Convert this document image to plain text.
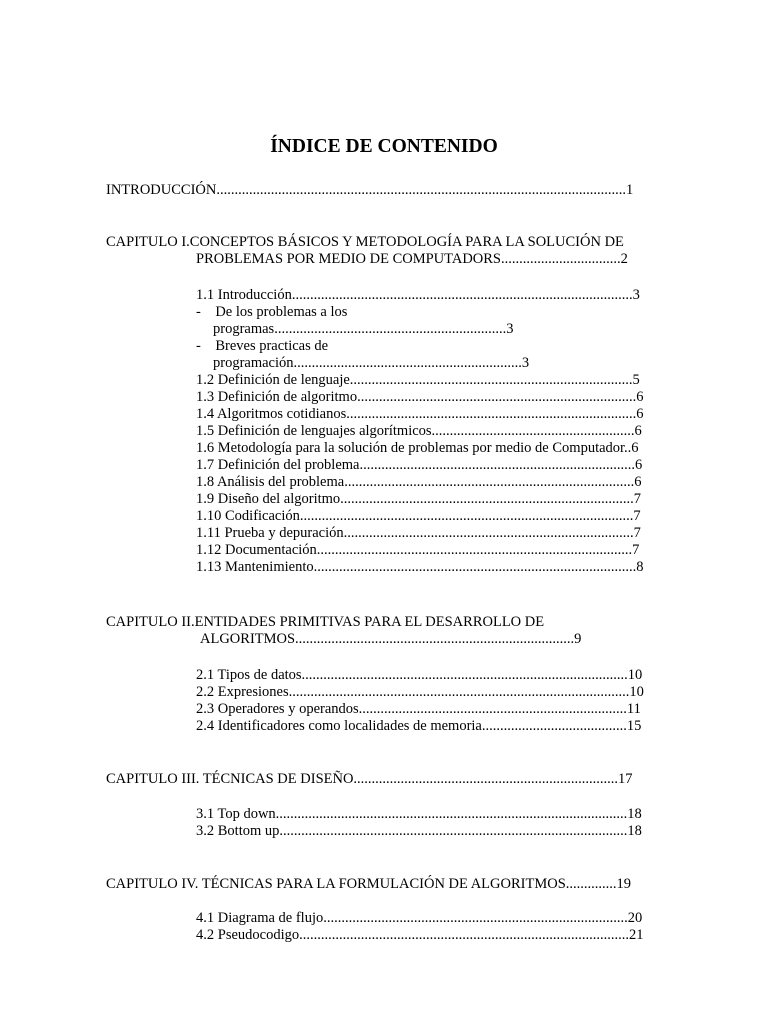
ÍNDICE DE CONTENIDO
INTRODUCCIÓN.................................................................................................................1
CAPITULO I.CONCEPTOS BÁSICOS Y METODOLOGÍA PARA LA SOLUCIÓN DE
PROBLEMAS POR MEDIO DE COMPUTADORS.................................2
1.1 Introducción..............................................................................................3
-    De los problemas a los
programas................................................................3
-    Breves practicas de
programación...............................................................3
1.2 Definición de lenguaje..............................................................................5
1.3 Definición de algoritmo.............................................................................6
1.4 Algoritmos cotidianos................................................................................6
1.5 Definición de lenguajes algorítmicos........................................................6
1.6 Metodología para la solución de problemas por medio de Computador..6
1.7 Definición del problema............................................................................6
1.8 Análisis del problema................................................................................6
1.9 Diseño del algoritmo.................................................................................7
1.10 Codificación............................................................................................7
1.11 Prueba y depuración................................................................................7
1.12 Documentación.......................................................................................7
1.13 Mantenimiento.........................................................................................8
CAPITULO II.ENTIDADES PRIMITIVAS PARA EL DESARROLLO DE
ALGORITMOS.............................................................................9
2.1 Tipos de datos..........................................................................................10
2.2 Expresiones..............................................................................................10
2.3 Operadores y operandos..........................................................................11
2.4 Identificadores como localidades de memoria........................................15
CAPITULO III. TÉCNICAS DE DISEÑO.........................................................................17
3.1 Top down.................................................................................................18
3.2 Bottom up................................................................................................18
CAPITULO IV. TÉCNICAS PARA LA FORMULACIÓN DE ALGORITMOS..............19
4.1 Diagrama de flujo....................................................................................20
4.2 Pseudocodigo...........................................................................................21
